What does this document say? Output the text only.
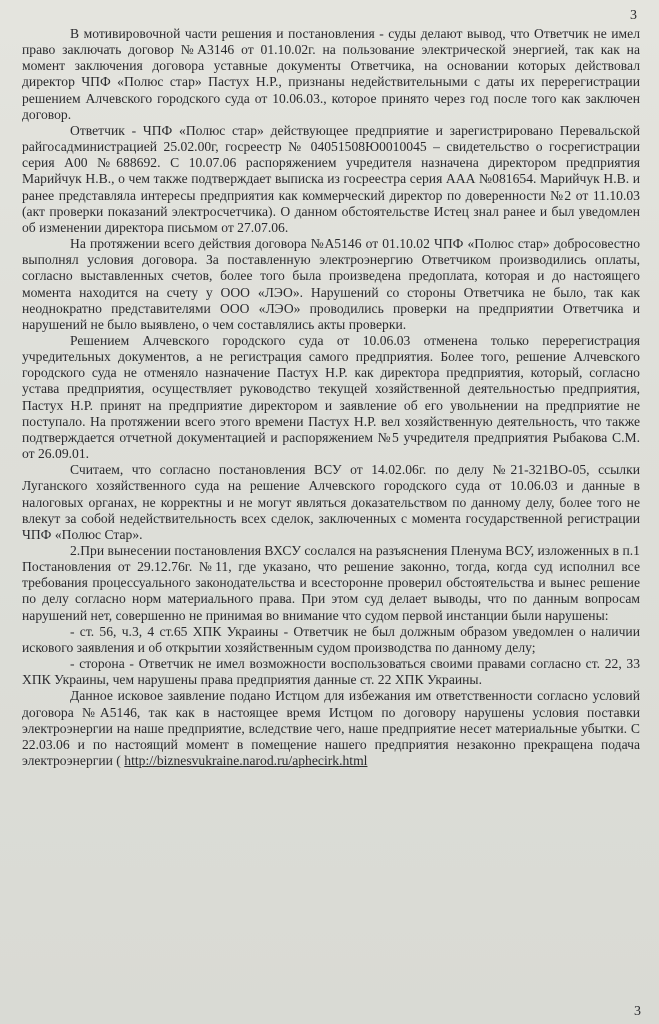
3

В мотивировочной части решения и постановления - суды делают вывод, что Ответчик не имел право заключать договор №А3146 от 01.10.02г. на пользование электрической энергией, так как на момент заключения договора уставные документы Ответчика, на основании которых действовал директор ЧПФ «Полюс стар» Пастух Н.Р., признаны недействительными с даты их перерегистрации решением Алчевского городского суда от 10.06.03., которое принято через год после того как заключен договор.

Ответчик - ЧПФ «Полюс стар» действующее предприятие и зарегистрировано Перевальской райгосадминистрацией 25.02.00г, госреестр № 04051508Ю0010045 – свидетельство о госрегистрации серия А00 №688692. С 10.07.06 распоряжением учредителя назначена директором предприятия Марийчук Н.В., о чем также подтверждает выписка из госреестра серия ААА №081654. Марийчук Н.В. и ранее представляла интересы предприятия как коммерческий директор по доверенности №2 от 11.10.03 (акт проверки показаний электросчетчика). О данном обстоятельстве Истец знал ранее и был уведомлен об изменении директора письмом от 27.07.06.

На протяжении всего действия договора №А5146 от 01.10.02 ЧПФ «Полюс стар» добросовестно выполнял условия договора. За поставленную электроэнергию Ответчиком производились оплаты, согласно выставленных счетов, более того была произведена предоплата, которая и до настоящего момента находится на счету у ООО «ЛЭО». Нарушений со стороны Ответчика не было, так как неоднократно представителями ООО «ЛЭО» проводились проверки на предприятии Ответчика и нарушений не было выявлено, о чем составлялись акты проверки.

Решением Алчевского городского суда от 10.06.03 отменена только перерегистрация учредительных документов, а не регистрация самого предприятия. Более того, решение Алчевского городского суда не отменяло назначение Пастух Н.Р. как директора предприятия, который, согласно устава предприятия, осуществляет руководство текущей хозяйственной деятельностью предприятия, Пастух Н.Р. принят на предприятие директором и заявление об его увольнении на предприятие не поступало. На протяжении всего этого времени Пастух Н.Р. вел хозяйственную деятельность, что также подтверждается отчетной документацией и распоряжением №5 учредителя предприятия Рыбакова С.М. от 26.09.01.

Считаем, что согласно постановления ВСУ от 14.02.06г. по делу №21-321ВО-05, ссылки Луганского хозяйственного суда на решение Алчевского городского суда от 10.06.03 и данные в налоговых органах, не корректны и не могут являться доказательством по данному делу, более того не влекут за собой недействительность всех сделок, заключенных с момента государственной регистрации ЧПФ «Полюс Стар».

2.При вынесении постановления ВХСУ сослался на разъяснения Пленума ВСУ, изложенных в п.1 Постановления от 29.12.76г. №11, где указано, что решение законно, тогда, когда суд исполнил все требования процессуального законодательства и всесторонне проверил обстоятельства и вынес решение по делу согласно норм материального права. При этом суд делает выводы, что по данным вопросам нарушений нет, совершенно не принимая во внимание что судом первой инстанции были нарушены:

- ст. 56, ч.3, 4 ст.65 ХПК Украины - Ответчик не был должным образом уведомлен о наличии искового заявления и об открытии хозяйственным судом производства по данному делу;

- сторона - Ответчик не имел возможности воспользоваться своими правами согласно ст. 22, 33 ХПК Украины, чем нарушены права предприятия данные ст. 22 ХПК Украины.

Данное исковое заявление подано Истцом для избежания им ответственности согласно условий договора №А5146, так как в настоящее время Истцом по договору нарушены условия поставки электроэнергии на наше предприятие, вследствие чего, наше предприятие несет материальные убытки. С 22.03.06 и по настоящий момент в помещение нашего предприятия незаконно прекращена подача электроэнергии ( http://biznesvukraine.narod.ru/aphecirk.html

3
